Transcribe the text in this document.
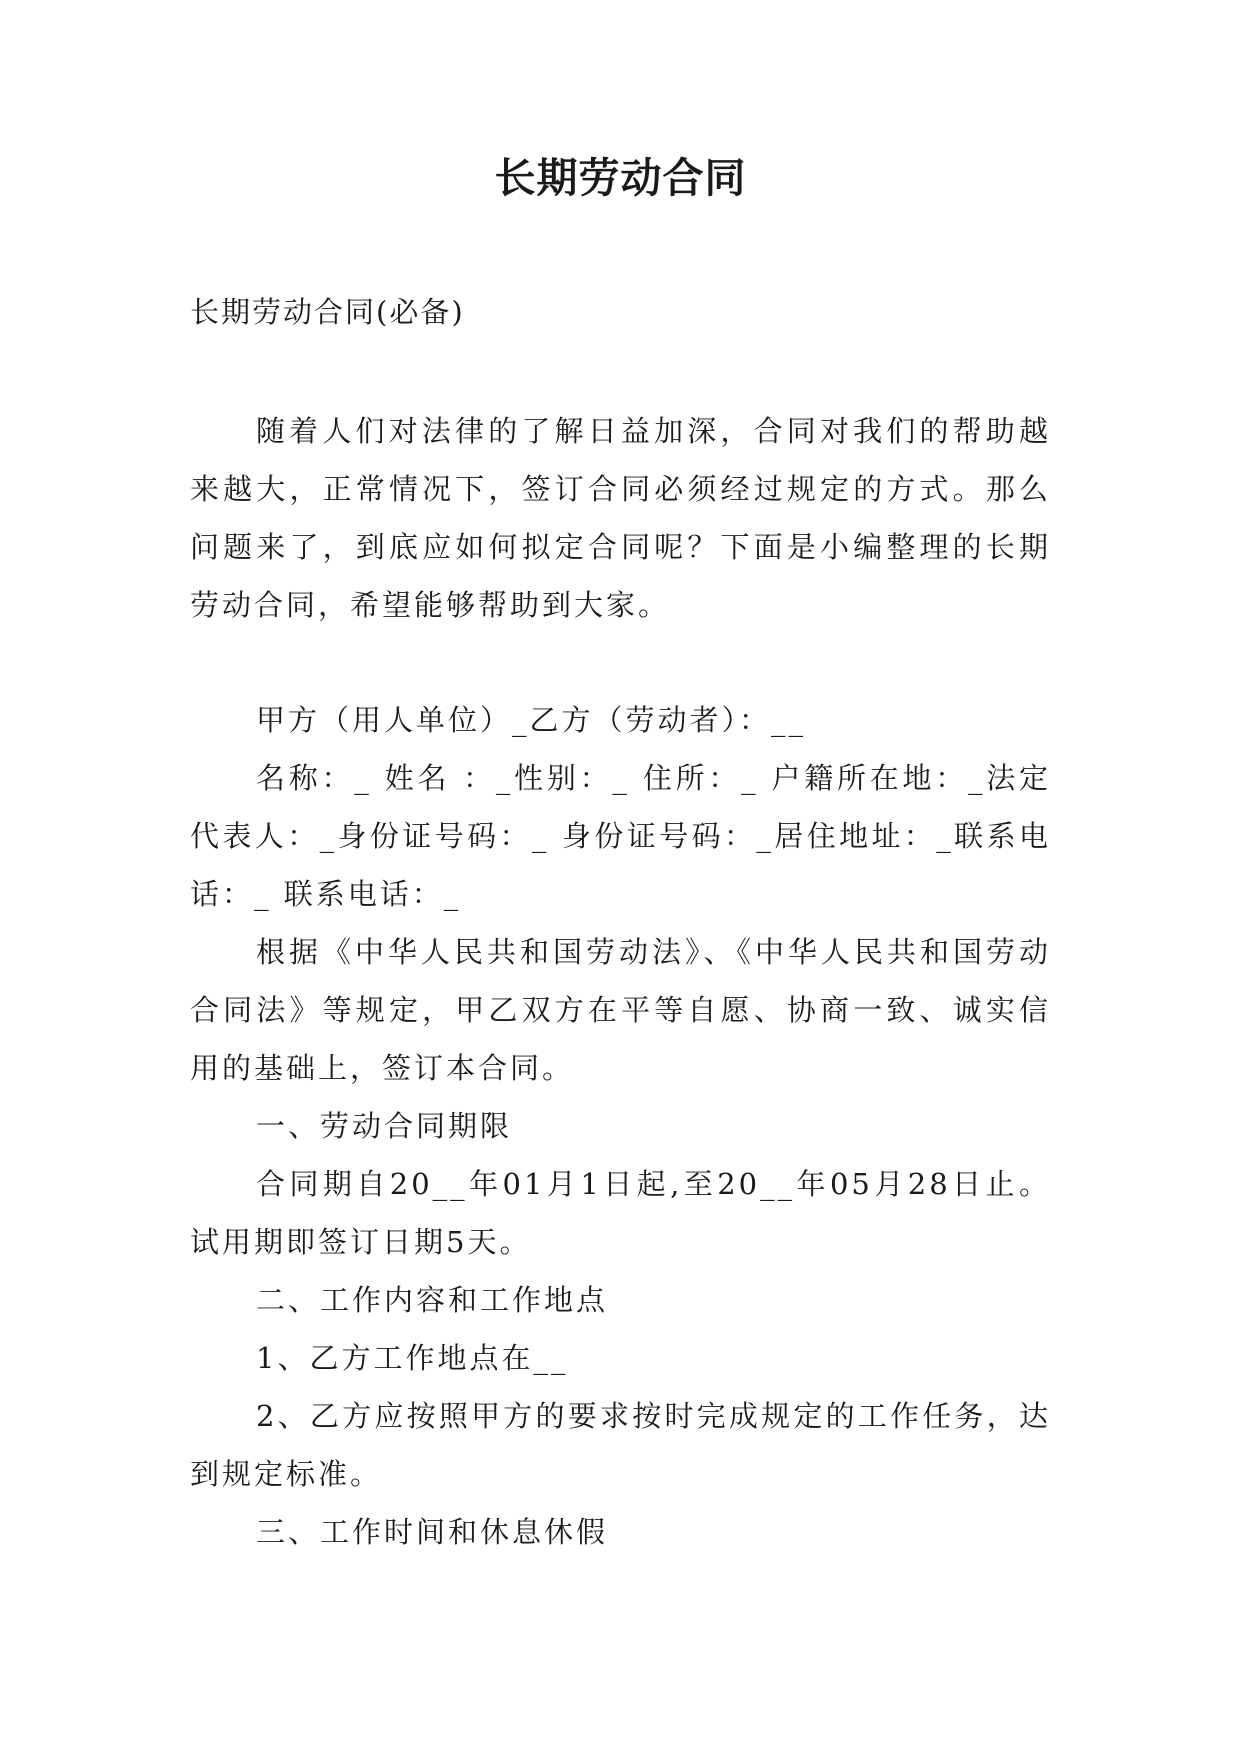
长期劳动合同
长期劳动合同(必备)

随着人们对法律的了解日益加深，合同对我们的帮助越来越大，正常情况下，签订合同必须经过规定的方式。那么问题来了，到底应如何拟定合同呢？下面是小编整理的长期劳动合同，希望能够帮助到大家。

甲方（用人单位）_乙方（劳动者）：__

名称：_ 姓名 ：_性别：_ 住所：_ 户籍所在地：_法定代表人：_身份证号码：_ 身份证号码：_居住地址：_联系电话：_ 联系电话：_

根据《中华人民共和国劳动法》、《中华人民共和国劳动合同法》等规定，甲乙双方在平等自愿、协商一致、诚实信用的基础上，签订本合同。

一、劳动合同期限

合同期自20__年01月1日起,至20__年05月28日止。试用期即签订日期5天。

二、工作内容和工作地点

1、乙方工作地点在__

2、乙方应按照甲方的要求按时完成规定的工作任务，达到规定标准。

三、工作时间和休息休假
